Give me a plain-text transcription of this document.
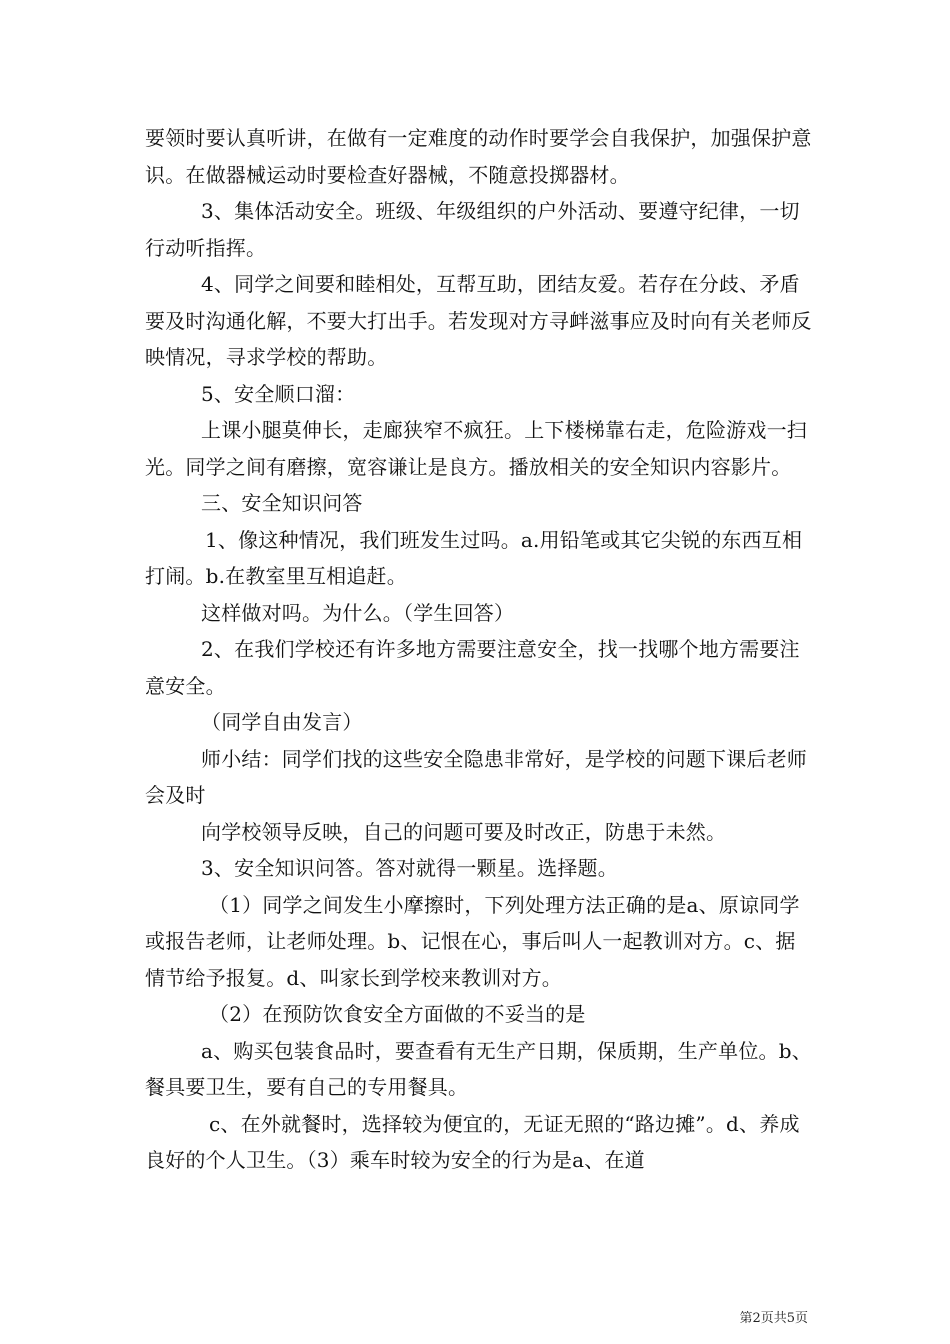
要领时要认真听讲，在做有一定难度的动作时要学会自我保护，加强保护意识。在做器械运动时要检查好器械，不随意投掷器材。

3、集体活动安全。班级、年级组织的户外活动、要遵守纪律，一切行动听指挥。

4、同学之间要和睦相处，互帮互助，团结友爱。若存在分歧、矛盾要及时沟通化解，不要大打出手。若发现对方寻衅滋事应及时向有关老师反映情况，寻求学校的帮助。

5、安全顺口溜：

上课小腿莫伸长，走廊狭窄不疯狂。上下楼梯靠右走，危险游戏一扫光。同学之间有磨擦，宽容谦让是良方。播放相关的安全知识内容影片。

三、安全知识问答

1、像这种情况，我们班发生过吗。a.用铅笔或其它尖锐的东西互相打闹。b.在教室里互相追赶。

这样做对吗。为什么。（学生回答）

2、在我们学校还有许多地方需要注意安全，找一找哪个地方需要注意安全。

（同学自由发言）

师小结：同学们找的这些安全隐患非常好，是学校的问题下课后老师会及时

向学校领导反映，自己的问题可要及时改正，防患于未然。

3、安全知识问答。答对就得一颗星。选择题。

（1）同学之间发生小摩擦时，下列处理方法正确的是a、原谅同学或报告老师，让老师处理。b、记恨在心，事后叫人一起教训对方。c、据情节给予报复。d、叫家长到学校来教训对方。

（2）在预防饮食安全方面做的不妥当的是

a、购买包装食品时，要查看有无生产日期，保质期，生产单位。b、餐具要卫生，要有自己的专用餐具。

c、在外就餐时，选择较为便宜的，无证无照的“路边摊”。d、养成良好的个人卫生。（3）乘车时较为安全的行为是a、在道

第2页共5页
